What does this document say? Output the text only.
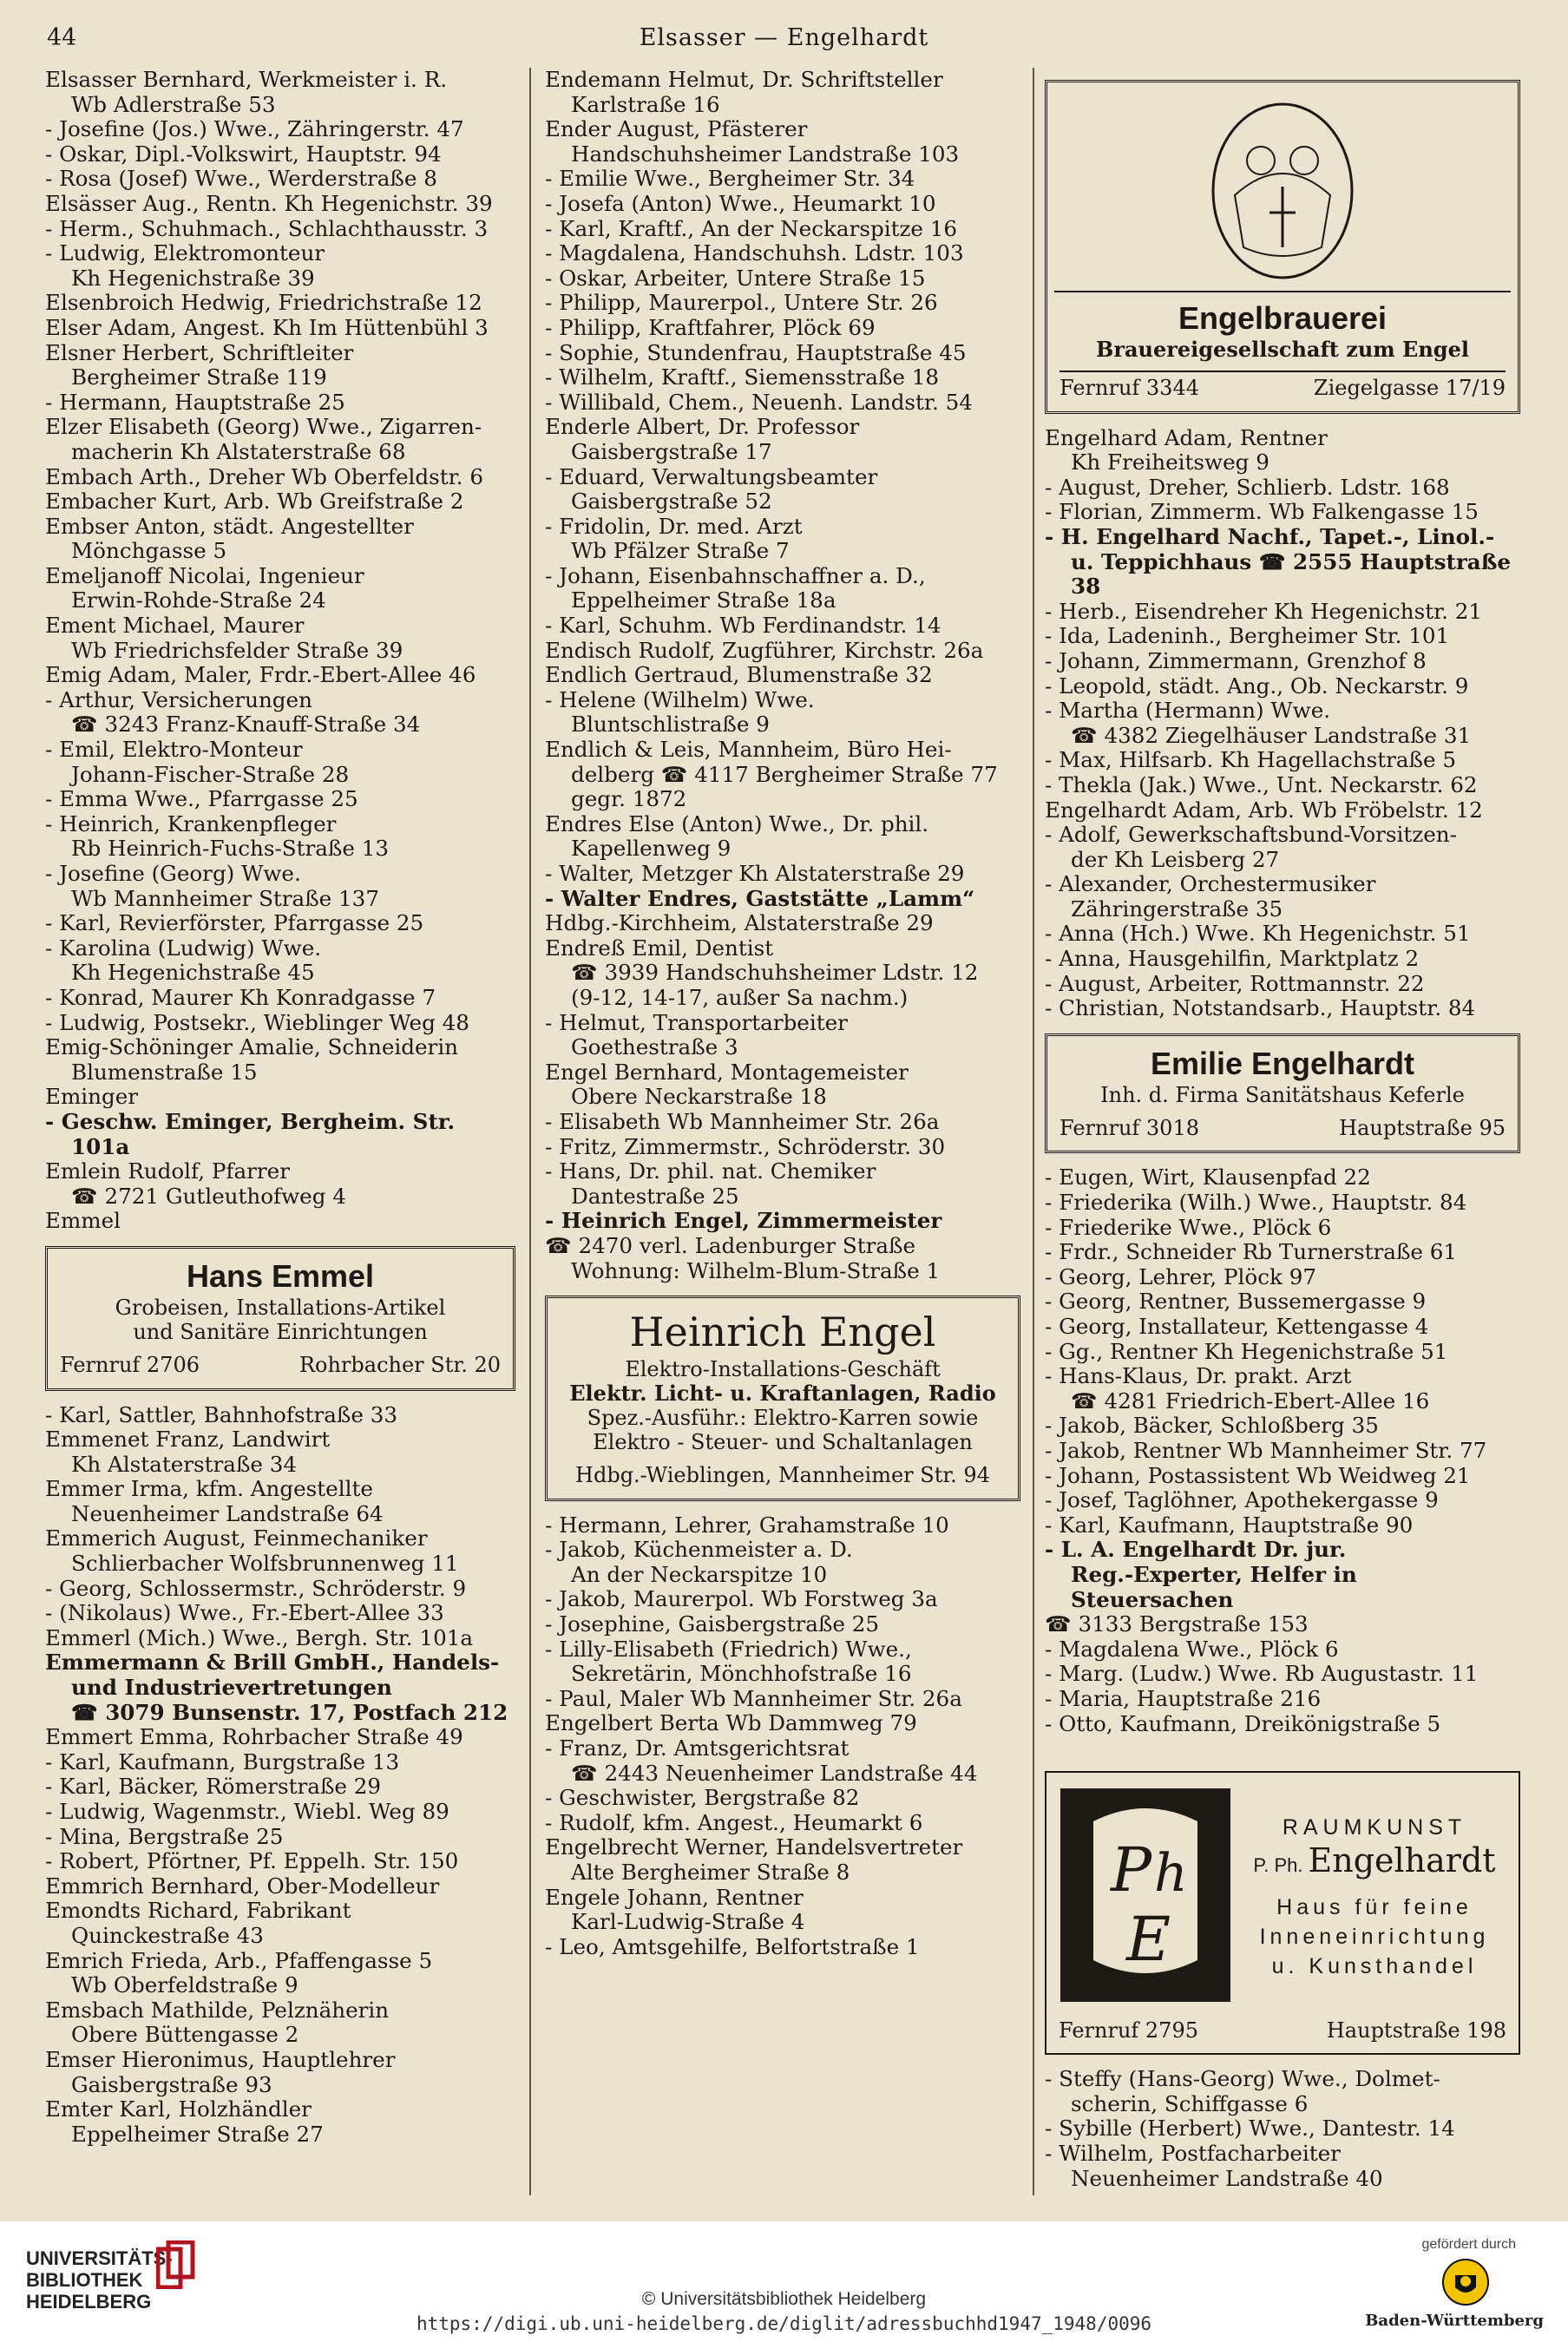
44	Elsasser — Engelhardt

Elsasser Bernhard, Werkmeister i. R.
Wb Adlerstraße 53

- Josefine (Jos.) Wwe., Zähringerstr. 47

- Oskar, Dipl.-Volkswirt, Hauptstr. 94

- Rosa (Josef) Wwe., Werderstraße 8

Elsässer Aug., Rentn. Kh Hegenichstr. 39

- Herm., Schuhmach., Schlachthausstr. 3

- Ludwig, Elektromonteur
Kh Hegenichstraße 39

Elsenbroich Hedwig, Friedrichstraße 12

Elser Adam, Angest. Kh Im Hüttenbühl 3

Elsner Herbert, Schriftleiter
Bergheimer Straße 119

- Hermann, Hauptstraße 25

Elzer Elisabeth (Georg) Wwe., Zigarren-
macherin Kh Alstaterstraße 68

Embach Arth., Dreher Wb Oberfeldstr. 6

Embacher Kurt, Arb. Wb Greifstraße 2

Embser Anton, städt. Angestellter
Mönchgasse 5

Emeljanoff Nicolai, Ingenieur
Erwin-Rohde-Straße 24

Ement Michael, Maurer
Wb Friedrichsfelder Straße 39

Emig Adam, Maler, Frdr.-Ebert-Allee 46

- Arthur, Versicherungen
☎ 3243 Franz-Knauff-Straße 34

- Emil, Elektro-Monteur
Johann-Fischer-Straße 28

- Emma Wwe., Pfarrgasse 25

- Heinrich, Krankenpfleger
Rb Heinrich-Fuchs-Straße 13

- Josefine (Georg) Wwe.
Wb Mannheimer Straße 137

- Karl, Revierförster, Pfarrgasse 25

- Karolina (Ludwig) Wwe.
Kh Hegenichstraße 45

- Konrad, Maurer Kh Konradgasse 7

- Ludwig, Postsekr., Wieblinger Weg 48

Emig-Schöninger Amalie, Schneiderin
Blumenstraße 15

Eminger

- Geschw. Eminger, Bergheim. Str. 101a

Emlein Rudolf, Pfarrer
☎ 2721 Gutleuthofweg 4

Emmel

Hans Emmel
Grobeisen, Installations-Artikel
und Sanitäre Einrichtungen
Fernruf 2706	Rohrbacher Str. 20

- Karl, Sattler, Bahnhofstraße 33

Emmenet Franz, Landwirt
Kh Alstaterstraße 34

Emmer Irma, kfm. Angestellte
Neuenheimer Landstraße 64

Emmerich August, Feinmechaniker
Schlierbacher Wolfsbrunnenweg 11

- Georg, Schlossermstr., Schröderstr. 9

- (Nikolaus) Wwe., Fr.-Ebert-Allee 33

Emmerl (Mich.) Wwe., Bergh. Str. 101a

Emmermann & Brill GmbH., Handels-
und Industrievertretungen
☎ 3079 Bunsenstr. 17, Postfach 212

Emmert Emma, Rohrbacher Straße 49

- Karl, Kaufmann, Burgstraße 13

- Karl, Bäcker, Römerstraße 29

- Ludwig, Wagenmstr., Wiebl. Weg 89

- Mina, Bergstraße 25

- Robert, Pförtner, Pf. Eppelh. Str. 150

Emmrich Bernhard, Ober-Modelleur

Emondts Richard, Fabrikant
Quinckestraße 43

Emrich Frieda, Arb., Pfaffengasse 5
Wb Oberfeldstraße 9

Emsbach Mathilde, Pelznäherin
Obere Büttengasse 2

Emser Hieronimus, Hauptlehrer
Gaisbergstraße 93

Emter Karl, Holzhändler
Eppelheimer Straße 27

Endemann Helmut, Dr. Schriftsteller
Karlstraße 16

Ender August, Pfästerer
Handschuhsheimer Landstraße 103

- Emilie Wwe., Bergheimer Str. 34

- Josefa (Anton) Wwe., Heumarkt 10

- Karl, Kraftf., An der Neckarspitze 16

- Magdalena, Handschuhsh. Ldstr. 103

- Oskar, Arbeiter, Untere Straße 15

- Philipp, Maurerpol., Untere Str. 26

- Philipp, Kraftfahrer, Plöck 69

- Sophie, Stundenfrau, Hauptstraße 45

- Wilhelm, Kraftf., Siemensstraße 18

- Willibald, Chem., Neuenh. Landstr. 54

Enderle Albert, Dr. Professor
Gaisbergstraße 17

- Eduard, Verwaltungsbeamter
Gaisbergstraße 52

- Fridolin, Dr. med. Arzt
Wb Pfälzer Straße 7

- Johann, Eisenbahnschaffner a. D.,
Eppelheimer Straße 18a

- Karl, Schuhm. Wb Ferdinandstr. 14

Endisch Rudolf, Zugführer, Kirchstr. 26a

Endlich Gertraud, Blumenstraße 32

- Helene (Wilhelm) Wwe.
Bluntschlistraße 9

Endlich & Leis, Mannheim, Büro Hei-
delberg ☎ 4117 Bergheimer Straße 77
gegr. 1872

Endres Else (Anton) Wwe., Dr. phil.
Kapellenweg 9

- Walter, Metzger Kh Alstaterstraße 29

- Walter Endres, Gaststätte „Lamm“

Hdbg.-Kirchheim, Alstaterstraße 29

Endreß Emil, Dentist
☎ 3939 Handschuhsheimer Ldstr. 12
(9-12, 14-17, außer Sa nachm.)

- Helmut, Transportarbeiter
Goethestraße 3

Engel Bernhard, Montagemeister
Obere Neckarstraße 18

- Elisabeth Wb Mannheimer Str. 26a

- Fritz, Zimmermstr., Schröderstr. 30

- Hans, Dr. phil. nat. Chemiker
Dantestraße 25

- Heinrich Engel, Zimmermeister

☎ 2470 verl. Ladenburger Straße
Wohnung: Wilhelm-Blum-Straße 1

Heinrich Engel
Elektro-Installations-Geschäft
Elektr. Licht- u. Kraftanlagen, Radio
Spez.-Ausführ.: Elektro-Karren sowie
Elektro - Steuer- und Schaltanlagen
Hdbg.-Wieblingen, Mannheimer Str. 94

- Hermann, Lehrer, Grahamstraße 10

- Jakob, Küchenmeister a. D.
An der Neckarspitze 10

- Jakob, Maurerpol. Wb Forstweg 3a

- Josephine, Gaisbergstraße 25

- Lilly-Elisabeth (Friedrich) Wwe.,
Sekretärin, Mönchhofstraße 16

- Paul, Maler Wb Mannheimer Str. 26a

Engelbert Berta Wb Dammweg 79

- Franz, Dr. Amtsgerichtsrat
☎ 2443 Neuenheimer Landstraße 44

- Geschwister, Bergstraße 82

- Rudolf, kfm. Angest., Heumarkt 6

Engelbrecht Werner, Handelsvertreter
Alte Bergheimer Straße 8

Engele Johann, Rentner
Karl-Ludwig-Straße 4

- Leo, Amtsgehilfe, Belfortstraße 1

Engelbrauerei
Brauereigesellschaft zum Engel
Fernruf 3344	Ziegelgasse 17/19

Engelhard Adam, Rentner
Kh Freiheitsweg 9

- August, Dreher, Schlierb. Ldstr. 168

- Florian, Zimmerm. Wb Falkengasse 15

- H. Engelhard Nachf., Tapet.-, Linol.-
u. Teppichhaus ☎ 2555 Hauptstraße 38

- Herb., Eisendreher Kh Hegenichstr. 21

- Ida, Ladeninh., Bergheimer Str. 101

- Johann, Zimmermann, Grenzhof 8

- Leopold, städt. Ang., Ob. Neckarstr. 9

- Martha (Hermann) Wwe.
☎ 4382 Ziegelhäuser Landstraße 31

- Max, Hilfsarb. Kh Hagellachstraße 5

- Thekla (Jak.) Wwe., Unt. Neckarstr. 62

Engelhardt Adam, Arb. Wb Fröbelstr. 12

- Adolf, Gewerkschaftsbund-Vorsitzen-
der Kh Leisberg 27

- Alexander, Orchestermusiker
Zähringerstraße 35

- Anna (Hch.) Wwe. Kh Hegenichstr. 51

- Anna, Hausgehilfin, Marktplatz 2

- August, Arbeiter, Rottmannstr. 22

- Christian, Notstandsarb., Hauptstr. 84

Emilie Engelhardt
Inh. d. Firma Sanitätshaus Keferle
Fernruf 3018	Hauptstraße 95

- Eugen, Wirt, Klausenpfad 22

- Friederika (Wilh.) Wwe., Hauptstr. 84

- Friederike Wwe., Plöck 6

- Frdr., Schneider Rb Turnerstraße 61

- Georg, Lehrer, Plöck 97

- Georg, Rentner, Bussemergasse 9

- Georg, Installateur, Kettengasse 4

- Gg., Rentner Kh Hegenichstraße 51

- Hans-Klaus, Dr. prakt. Arzt
☎ 4281 Friedrich-Ebert-Allee 16

- Jakob, Bäcker, Schloßberg 35

- Jakob, Rentner Wb Mannheimer Str. 77

- Johann, Postassistent Wb Weidweg 21

- Josef, Taglöhner, Apothekergasse 9

- Karl, Kaufmann, Hauptstraße 90

- L. A. Engelhardt Dr. jur.
Reg.-Experter, Helfer in Steuersachen

☎ 3133 Bergstraße 153

- Magdalena Wwe., Plöck 6

- Marg. (Ludw.) Wwe. Rb Augustastr. 11

- Maria, Hauptstraße 216

- Otto, Kaufmann, Dreikönigstraße 5

P h
E
RAUMKUNST
P. Ph. Engelhardt
Haus für feine
Inneneinrichtung
u. Kunsthandel
Fernruf 2795	Hauptstraße 198

- Steffy (Hans-Georg) Wwe., Dolmet-
scherin, Schiffgasse 6

- Sybille (Herbert) Wwe., Dantestr. 14

- Wilhelm, Postfacharbeiter
Neuenheimer Landstraße 40

UNIVERSITÄTS-
BIBLIOTHEK
HEIDELBERG	© Universitätsbibliothek Heidelberg
https://digi.ub.uni-heidelberg.de/diglit/adressbuchhd1947_1948/0096
gefördert durch
Baden-Württemberg
